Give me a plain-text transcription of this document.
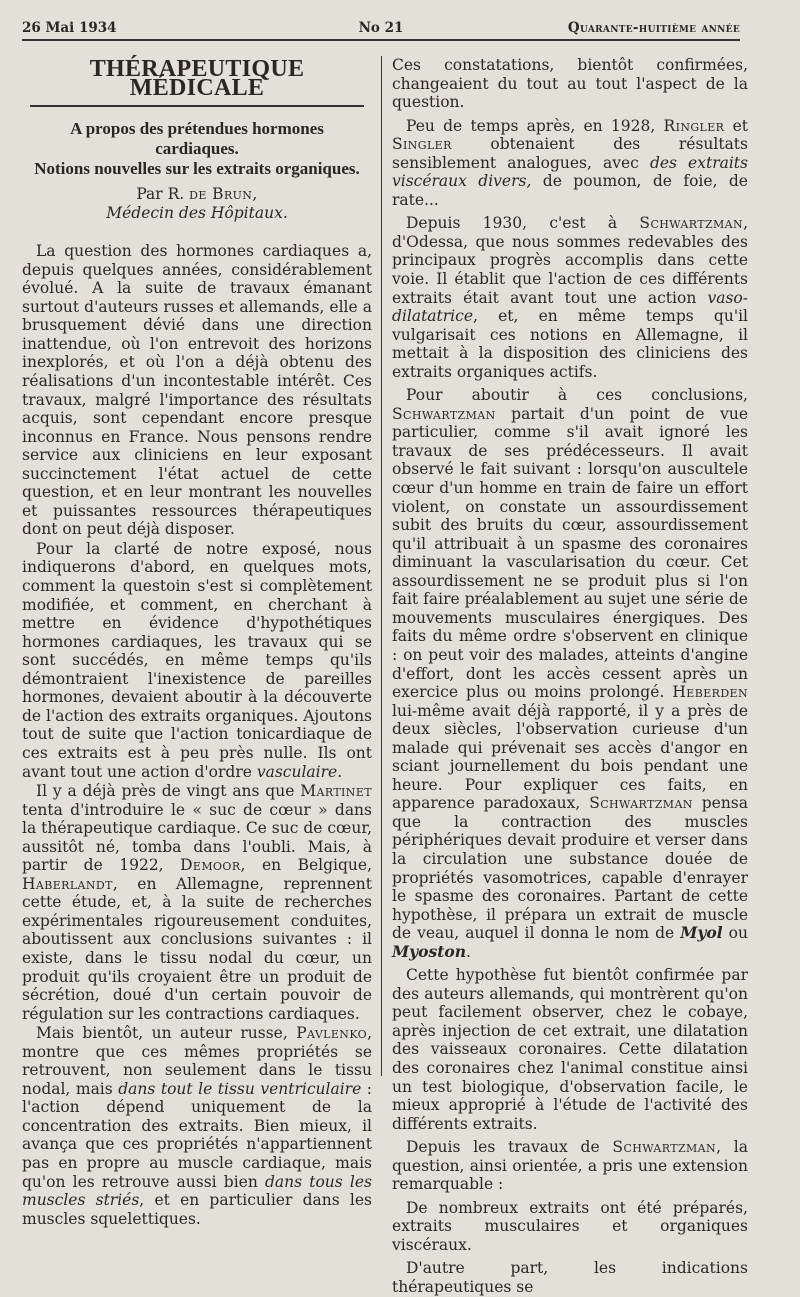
26 Mai 1934	No 21	Quarante-huitième année
THÉRAPEUTIQUE MÉDICALE
A propos des prétendues hormones
cardiaques.
Notions nouvelles sur les extraits organiques.
Par R. de Brun,
Médecin des Hôpitaux.

La question des hormones cardiaques a, depuis quelques années, considérablement évolué. A la suite de travaux émanant surtout d'auteurs russes et allemands, elle a brusquement dévié dans une direction inattendue, où l'on entrevoit des horizons inexplorés, et où l'on a déjà obtenu des réalisations d'un incontestable intérêt. Ces travaux, malgré l'importance des résultats acquis, sont cependant encore presque inconnus en France. Nous pensons rendre service aux cliniciens en leur exposant succinctement l'état actuel de cette question, et en leur montrant les nouvelles et puissantes ressources thérapeutiques dont on peut déjà disposer.

Pour la clarté de notre exposé, nous indiquerons d'abord, en quelques mots, comment la questoin s'est si complètement modifiée, et comment, en cherchant à mettre en évidence d'hypothétiques hormones cardiaques, les travaux qui se sont succédés, en même temps qu'ils démontraient l'inexistence de pareilles hormones, devaient aboutir à la découverte de l'action des extraits organiques. Ajoutons tout de suite que l'action tonicardiaque de ces extraits est à peu près nulle. Ils ont avant tout une action d'ordre vasculaire.

Il y a déjà près de vingt ans que Martinet tenta d'introduire le « suc de cœur » dans la thérapeutique cardiaque. Ce suc de cœur, aussitôt né, tomba dans l'oubli. Mais, à partir de 1922, Demoor, en Belgique, Haberlandt, en Allemagne, reprennent cette étude, et, à la suite de recherches expérimentales rigoureusement conduites, aboutissent aux conclusions suivantes : il existe, dans le tissu nodal du cœur, un produit qu'ils croyaient être un produit de sécrétion, doué d'un certain pouvoir de régulation sur les contractions cardiaques.

Mais bientôt, un auteur russe, Pavlenko, montre que ces mêmes propriétés se retrouvent, non seulement dans le tissu nodal, mais dans tout le tissu ventriculaire : l'action dépend uniquement de la concentration des extraits. Bien mieux, il avança que ces propriétés n'appartiennent pas en propre au muscle cardiaque, mais qu'on les retrouve aussi bien dans tous les muscles striés, et en particulier dans les muscles squelettiques.

Ces constatations, bientôt confirmées, changeaient du tout au tout l'aspect de la question.

Peu de temps après, en 1928, Ringler et Singler obtenaient des résultats sensiblement analogues, avec des extraits viscéraux divers, de poumon, de foie, de rate...

Depuis 1930, c'est à Schwartzman, d'Odessa, que nous sommes redevables des principaux progrès accomplis dans cette voie. Il établit que l'action de ces différents extraits était avant tout une action vaso-dilatatrice, et, en même temps qu'il vulgarisait ces notions en Allemagne, il mettait à la disposition des cliniciens des extraits organiques actifs.

Pour aboutir à ces conclusions, Schwartzman partait d'un point de vue particulier, comme s'il avait ignoré les travaux de ses prédécesseurs. Il avait observé le fait suivant : lorsqu'on auscultele cœur d'un homme en train de faire un effort violent, on constate un assourdissement subit des bruits du cœur, assourdissement qu'il attribuait à un spasme des coronaires diminuant la vascularisation du cœur. Cet assourdissement ne se produit plus si l'on fait faire préalablement au sujet une série de mouvements musculaires énergiques. Des faits du même ordre s'observent en clinique : on peut voir des malades, atteints d'angine d'effort, dont les accès cessent après un exercice plus ou moins prolongé. Heberden lui-même avait déjà rapporté, il y a près de deux siècles, l'observation curieuse d'un malade qui prévenait ses accès d'angor en sciant journellement du bois pendant une heure. Pour expliquer ces faits, en apparence paradoxaux, Schwartzman pensa que la contraction des muscles périphériques devait produire et verser dans la circulation une substance douée de propriétés vasomotrices, capable d'enrayer le spasme des coronaires. Partant de cette hypothèse, il prépara un extrait de muscle de veau, auquel il donna le nom de Myol ou Myoston.

Cette hypothèse fut bientôt confirmée par des auteurs allemands, qui montrèrent qu'on peut facilement observer, chez le cobaye, après injection de cet extrait, une dilatation des vaisseaux coronaires. Cette dilatation des coronaires chez l'animal constitue ainsi un test biologique, d'observation facile, le mieux approprié à l'étude de l'activité des différents extraits.

Depuis les travaux de Schwartzman, la question, ainsi orientée, a pris une extension remarquable :

De nombreux extraits ont été préparés, extraits musculaires et organiques viscéraux.

D'autre part, les indications thérapeutiques se
